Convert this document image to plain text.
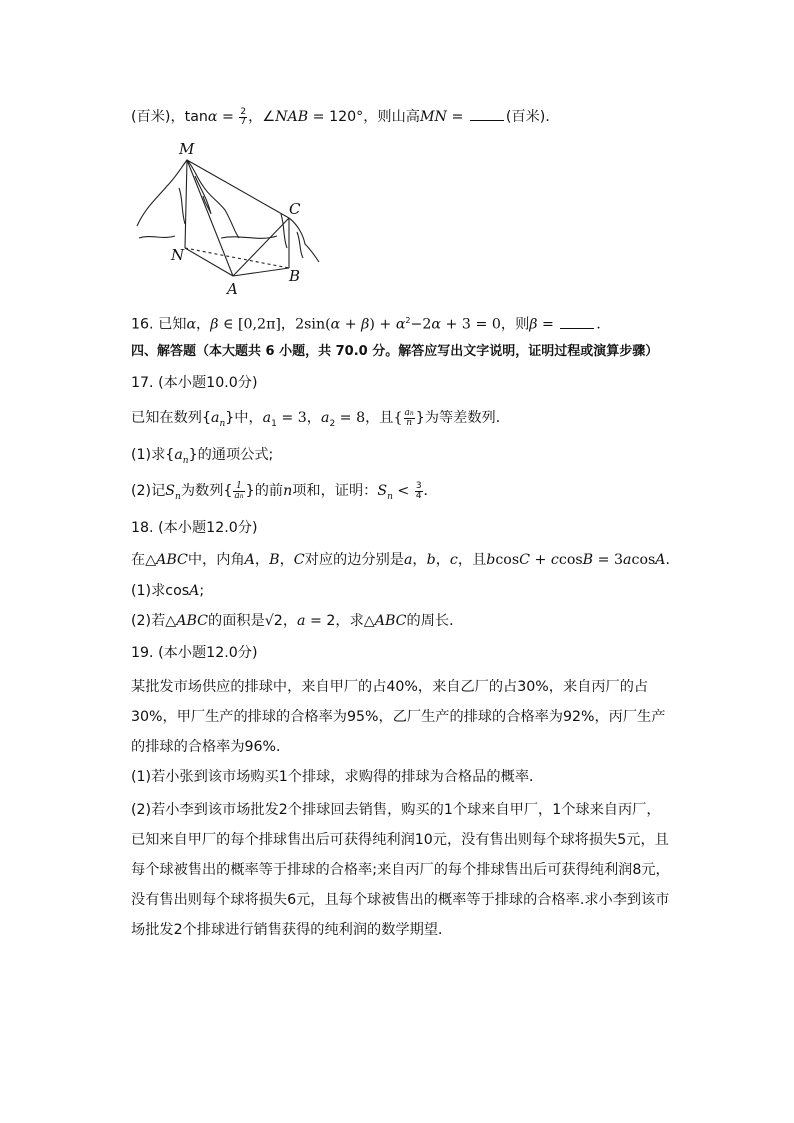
(百米)，$\tan\alpha = \frac{2}{7}$ ，∠NAB = 120°，则山高MN =	(百米)．
M
C
N
B
A
16. 已知α，β ∈ [0,2π]，$2\sin(\alpha + \beta) + \alpha^2-2\alpha + 3 = 0$，则β =	．
四、解答题（本大题共 6 小题，共 70.0 分。解答应写出文字说明，证明过程或演算步骤）
17. (本小题10.0分)
已知在数列$\{a_n\}$中，$a_1 = 3$，$a_2 = 8$，且{ $\frac{an}{n}$ }为等差数列．
(1)求$\{a_n\}$的通项公式;
(2)记$S_n$为数列{ $\frac{1}{an}$ }的前n项和，证明：$S_n < \frac{3}{4}$ ．
18. (本小题12.0分)
在△ABC中，内角A，B，C对应的边分别是a，b，c，且bcosC + ccosB = 3acosA.
(1)求cosA;
(2)若△ABC的面积是√2，a = 2，求△ABC的周长．
19. (本小题12.0分)
某批发市场供应的排球中，来自甲厂的占40%，来自乙厂的占30%，来自丙厂的占30%，甲厂生产的排球的合格率为95%，乙厂生产的排球的合格率为92%，丙厂生产的排球的合格率为96%．
(1)若小张到该市场购买1个排球，求购得的排球为合格品的概率．
(2)若小李到该市场批发2个排球回去销售，购买的1个球来自甲厂，1个球来自丙厂，已知来自甲厂的每个排球售出后可获得纯利润10元，没有售出则每个球将损失5元，且每个球被售出的概率等于排球的合格率;来自丙厂的每个排球售出后可获得纯利润8元，没有售出则每个球将损失6元，且每个球被售出的概率等于排球的合格率.求小李到该市场批发2个排球进行销售获得的纯利润的数学期望．
